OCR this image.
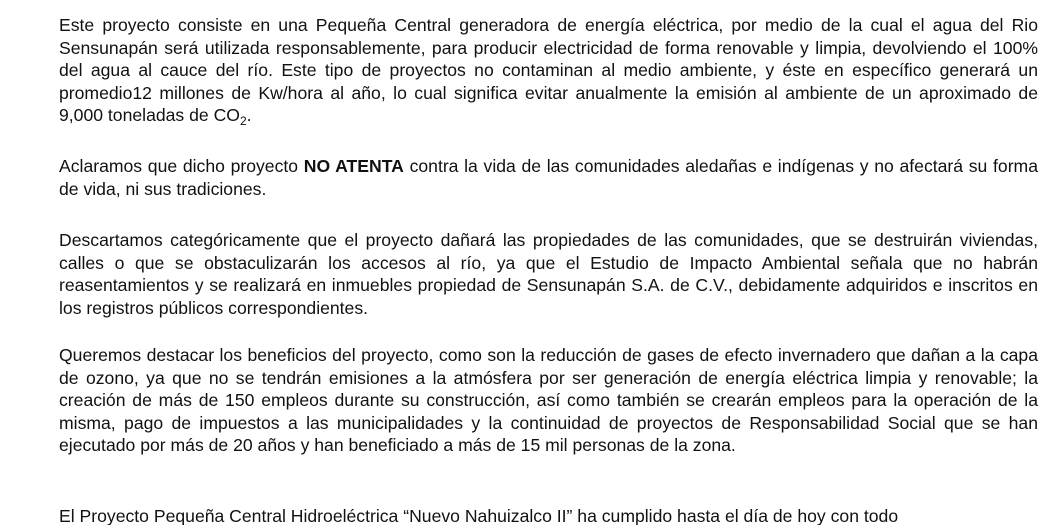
Este proyecto consiste en una Pequeña Central generadora de energía eléctrica, por medio de la cual el agua del Rio Sensunapán será utilizada responsablemente, para producir electricidad de forma renovable y limpia, devolviendo el 100% del agua al cauce del río. Este tipo de proyectos no contaminan al medio ambiente, y éste en específico generará un promedio12 millones de Kw/hora al año, lo cual significa evitar anualmente la emisión al ambiente de un aproximado de 9,000 toneladas de $CO_2$.

Aclaramos que dicho proyecto NO ATENTA contra la vida de las comunidades aledañas e indígenas y no afectará su forma de vida, ni sus tradiciones.

Descartamos categóricamente que el proyecto dañará las propiedades de las comunidades, que se destruirán viviendas, calles o que se obstaculizarán los accesos al río, ya que el Estudio de Impacto Ambiental señala que no habrán reasentamientos y se realizará en inmuebles propiedad de Sensunapán S.A. de C.V., debidamente adquiridos e inscritos en los registros públicos correspondientes.

Queremos destacar los beneficios del proyecto, como son la reducción de gases de efecto invernadero que dañan a la capa de ozono, ya que no se tendrán emisiones a la atmósfera por ser generación de energía eléctrica limpia y renovable; la creación de más de 150 empleos durante su construcción, así como también se crearán empleos para la operación de la misma, pago de impuestos a las municipalidades y la continuidad de proyectos de Responsabilidad Social que se han ejecutado por más de 20 años y han beneficiado a más de 15 mil personas de la zona.

El Proyecto Pequeña Central Hidroeléctrica “Nuevo Nahuizalco II” ha cumplido hasta el día de hoy con todo
